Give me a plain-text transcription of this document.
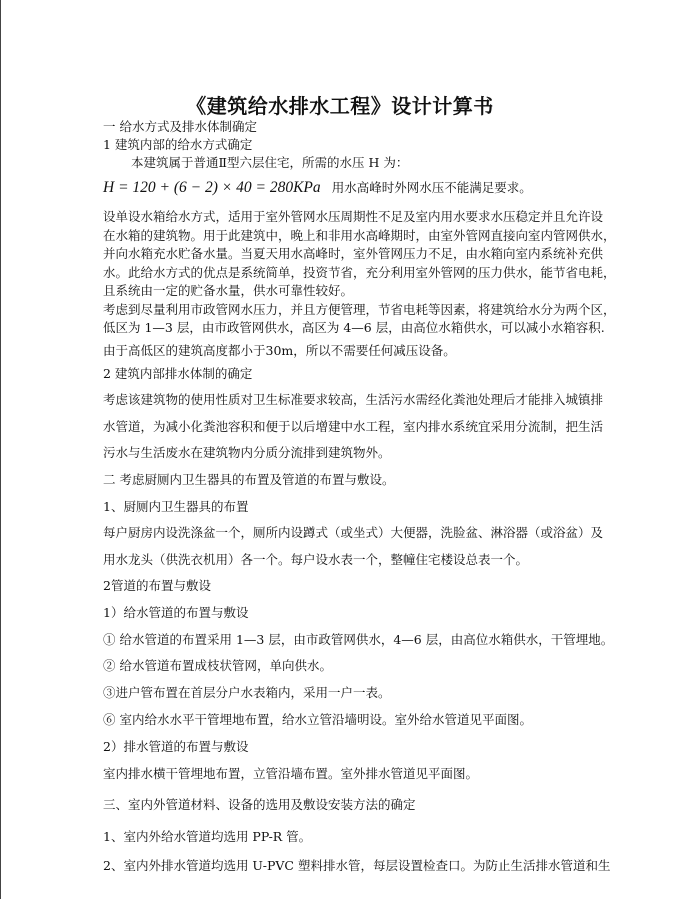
《建筑给水排水工程》设计计算书
一 给水方式及排水体制确定
1 建筑内部的给水方式确定
本建筑属于普通Ⅱ型六层住宅，所需的水压 H 为：
H = 120 + (6 − 2) × 40 = 280KPa 用水高峰时外网水压不能满足要求。
设单设水箱给水方式，适用于室外管网水压周期性不足及室内用水要求水压稳定并且允许设
在水箱的建筑物。用于此建筑中，晚上和非用水高峰期时，由室外管网直接向室内管网供水，
并向水箱充水贮备水量。当夏天用水高峰时，室外管网压力不足，由水箱向室内系统补充供
水。此给水方式的优点是系统简单，投资节省，充分利用室外管网的压力供水，能节省电耗，
且系统由一定的贮备水量，供水可靠性较好。
考虑到尽量利用市政管网水压力，并且方便管理，节省电耗等因素，将建筑给水分为两个区，
低区为 1—3 层，由市政管网供水，高区为 4—6 层，由高位水箱供水，可以减小水箱容积.
由于高低区的建筑高度都小于30m，所以不需要任何减压设备。
2 建筑内部排水体制的确定
考虑该建筑物的使用性质对卫生标准要求较高，生活污水需经化粪池处理后才能排入城镇排
水管道，为减小化粪池容积和便于以后增建中水工程，室内排水系统宜采用分流制，把生活
污水与生活废水在建筑物内分质分流排到建筑物外。
二 考虑厨厕内卫生器具的布置及管道的布置与敷设。
1、厨厕内卫生器具的布置
每户厨房内设洗涤盆一个，厕所内设蹲式（或坐式）大便器，洗脸盆、淋浴器（或浴盆）及
用水龙头（供洗衣机用）各一个。每户设水表一个，整幢住宅楼设总表一个。
2管道的布置与敷设
1）给水管道的布置与敷设
① 给水管道的布置采用 1—3 层，由市政管网供水，4—6 层，由高位水箱供水，干管埋地。
② 给水管道布置成枝状管网，单向供水。
③进户管布置在首层分户水表箱内，采用一户一表。
⑥ 室内给水水平干管埋地布置，给水立管沿墙明设。室外给水管道见平面图。
2）排水管道的布置与敷设
室内排水横干管埋地布置，立管沿墙布置。室外排水管道见平面图。
三、室内外管道材料、设备的选用及敷设安装方法的确定
1、室内外给水管道均选用 PP-R 管。
2、室内外排水管道均选用 U-PVC 塑料排水管，每层设置检查口。为防止生活排水管道和生
